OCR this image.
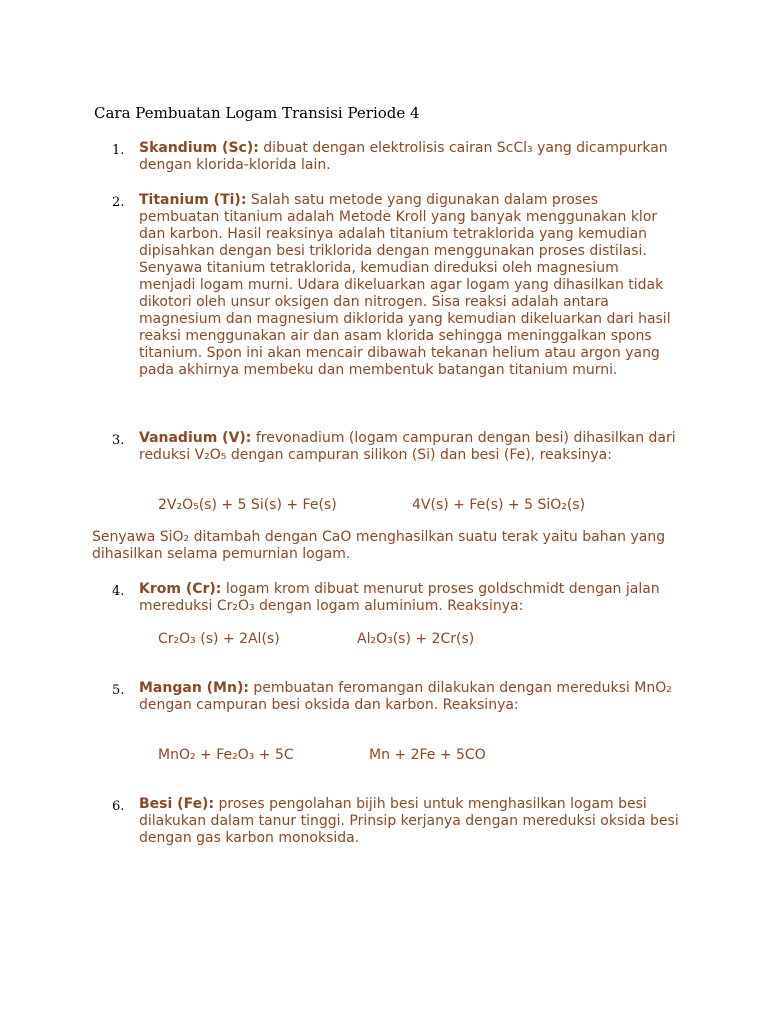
Cara Pembuatan Logam Transisi Periode 4
1. Skandium (Sc): dibuat dengan elektrolisis cairan ScCl₃ yang dicampurkan dengan klorida-klorida lain.
2. Titanium (Ti): Salah satu metode yang digunakan dalam proses pembuatan titanium adalah Metode Kroll yang banyak menggunakan klor dan karbon. Hasil reaksinya adalah titanium tetraklorida yang kemudian dipisahkan dengan besi triklorida dengan menggunakan proses distilasi. Senyawa titanium tetraklorida, kemudian direduksi oleh magnesium menjadi logam murni. Udara dikeluarkan agar logam yang dihasilkan tidak dikotori oleh unsur oksigen dan nitrogen. Sisa reaksi adalah antara magnesium dan magnesium diklorida yang kemudian dikeluarkan dari hasil reaksi menggunakan air dan asam klorida sehingga meninggalkan spons titanium. Spon ini akan mencair dibawah tekanan helium atau argon yang pada akhirnya membeku dan membentuk batangan titanium murni.
3. Vanadium (V): frevonadium (logam campuran dengan besi) dihasilkan dari reduksi V₂O₅ dengan campuran silikon (Si) dan besi (Fe), reaksinya:
2V₂O₅(s) + 5 Si(s) + Fe(s)	4V(s) + Fe(s) + 5 SiO₂(s)
Senyawa SiO₂ ditambah dengan CaO menghasilkan suatu terak yaitu bahan yang dihasilkan selama pemurnian logam.
4. Krom (Cr): logam krom dibuat menurut proses goldschmidt dengan jalan mereduksi Cr₂O₃ dengan logam aluminium. Reaksinya:
Cr₂O₃ (s) + 2Al(s)	Al₂O₃(s) + 2Cr(s)
5. Mangan (Mn): pembuatan feromangan dilakukan dengan mereduksi MnO₂ dengan campuran besi oksida dan karbon. Reaksinya:
MnO₂ + Fe₂O₃ + 5C	Mn + 2Fe + 5CO
6. Besi (Fe): proses pengolahan bijih besi untuk menghasilkan logam besi dilakukan dalam tanur tinggi. Prinsip kerjanya dengan mereduksi oksida besi dengan gas karbon monoksida.
